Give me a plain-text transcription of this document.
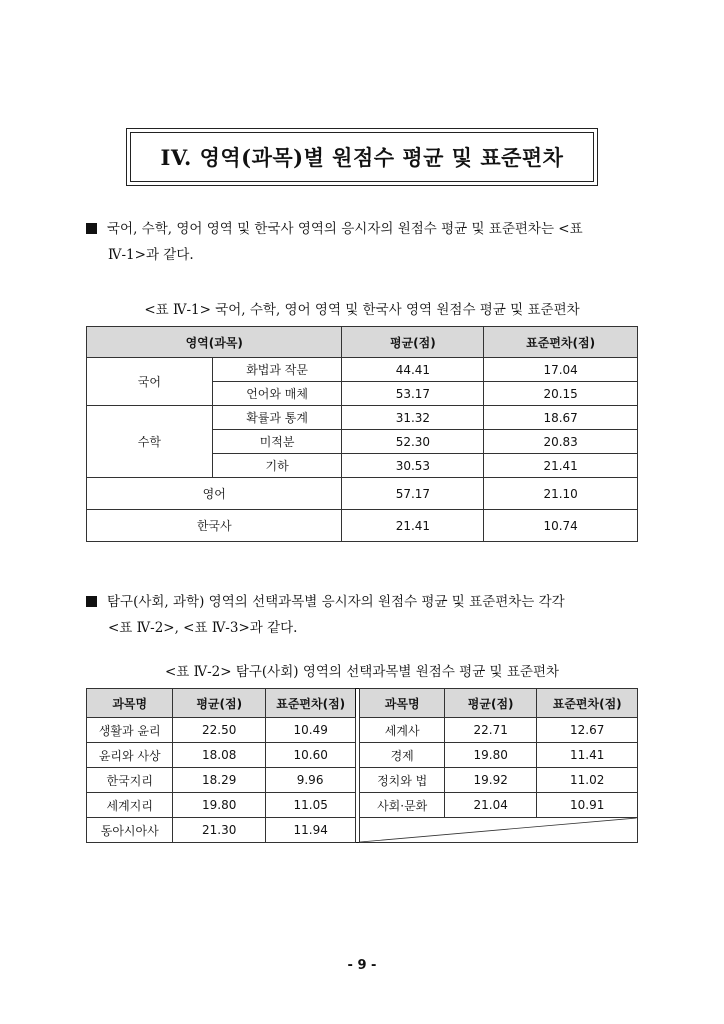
IV. 영역(과목)별 원점수 평균 및 표준편차
국어, 수학, 영어 영역 및 한국사 영역의 응시자의 원점수 평균 및 표준편차는 <표
Ⅳ-1>과 같다.
<표 Ⅳ-1> 국어, 수학, 영어 영역 및 한국사 영역 원점수 평균 및 표준편차
영역(과목)		평균(점)	표준편차(점)
국어	화법과 작문	44.41	17.04
	언어와 매체	53.17	20.15
수학	확률과 통계	31.32	18.67
	미적분	52.30	20.83
	기하	30.53	21.41
영어		57.17	21.10
한국사		21.41	10.74
탐구(사회, 과학) 영역의 선택과목별 응시자의 원점수 평균 및 표준편차는 각각
<표 Ⅳ-2>, <표 Ⅳ-3>과 같다.
<표 Ⅳ-2> 탐구(사회) 영역의 선택과목별 원점수 평균 및 표준편차
과목명	평균(점)	표준편차(점)		과목명	평균(점)	표준편차(점)
생활과 윤리	22.50	10.49		세계사	22.71	12.67
윤리와 사상	18.08	10.60		경제	19.80	11.41
한국지리	18.29	9.96		정치와 법	19.92	11.02
세계지리	19.80	11.05		사회·문화	21.04	10.91
동아시아사	21.30	11.94	
- 9 -
